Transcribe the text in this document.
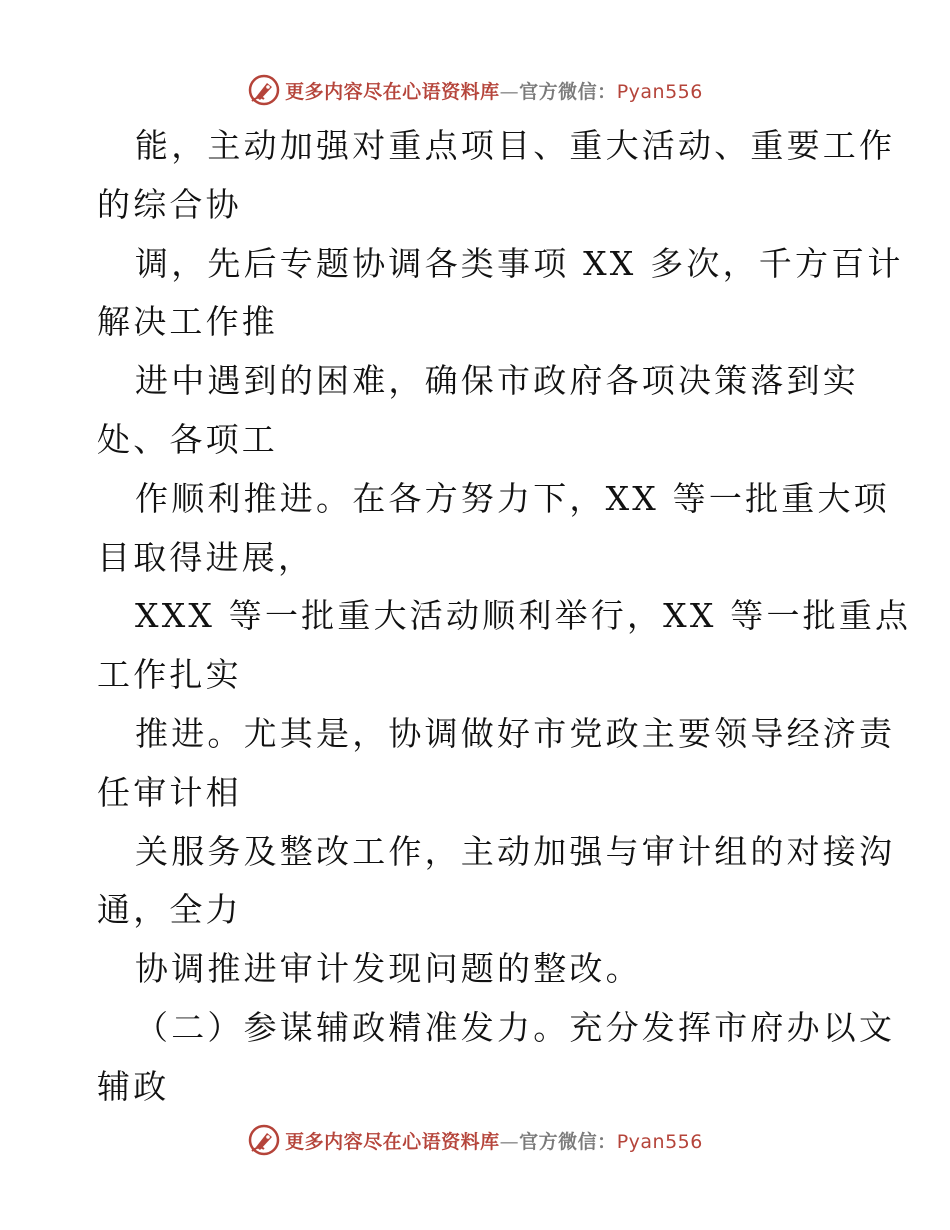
更多内容尽在心语资料库—官方微信：Pyan556
能，主动加强对重点项目、重大活动、重要工作
的综合协
调，先后专题协调各类事项 XX 多次，千方百计
解决工作推
进中遇到的困难，确保市政府各项决策落到实
处、各项工
作顺利推进。在各方努力下，XX 等一批重大项
目取得进展，
XXX 等一批重大活动顺利举行，XX 等一批重点
工作扎实
推进。尤其是，协调做好市党政主要领导经济责
任审计相
关服务及整改工作，主动加强与审计组的对接沟
通，全力
协调推进审计发现问题的整改。
（二）参谋辅政精准发力。充分发挥市府办以文
辅政
更多内容尽在心语资料库—官方微信：Pyan556
